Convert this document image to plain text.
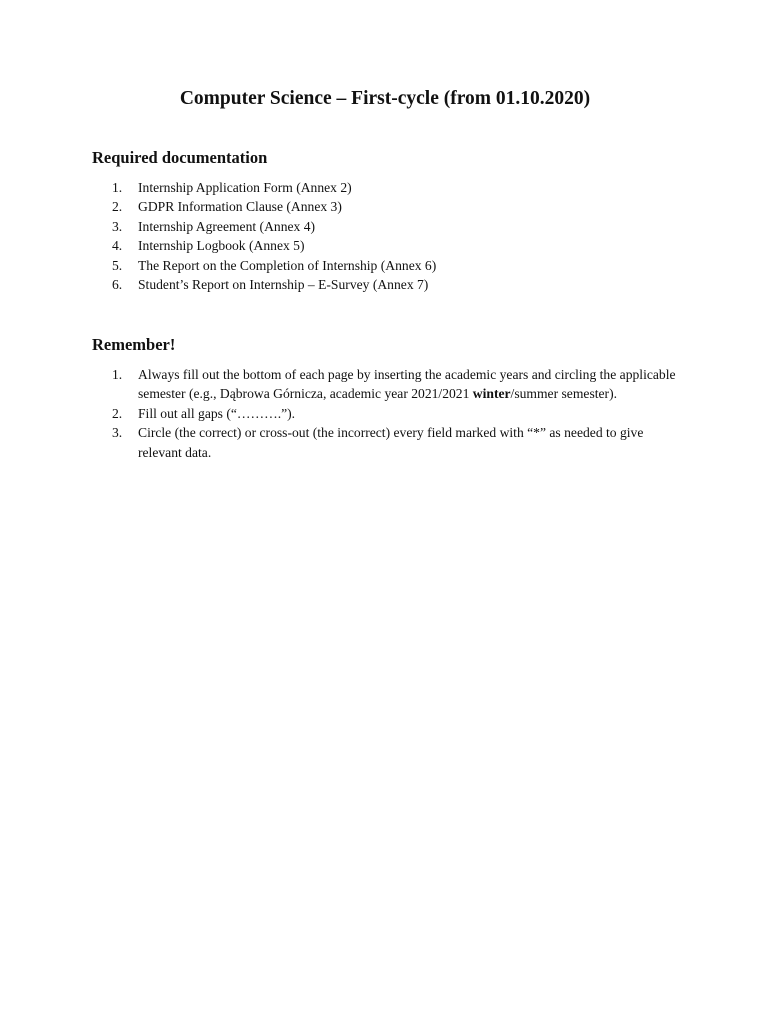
Computer Science – First-cycle (from 01.10.2020)
Required documentation
1. Internship Application Form (Annex 2)
2. GDPR Information Clause (Annex 3)
3. Internship Agreement (Annex 4)
4. Internship Logbook (Annex 5)
5. The Report on the Completion of Internship (Annex 6)
6. Student’s Report on Internship – E-Survey (Annex 7)
Remember!
1. Always fill out the bottom of each page by inserting the academic years and circling the applicable semester (e.g., Dąbrowa Górnicza, academic year 2021/2021 winter/summer semester).
2. Fill out all gaps (“……….”).
3. Circle (the correct) or cross-out (the incorrect) every field marked with “*” as needed to give relevant data.
